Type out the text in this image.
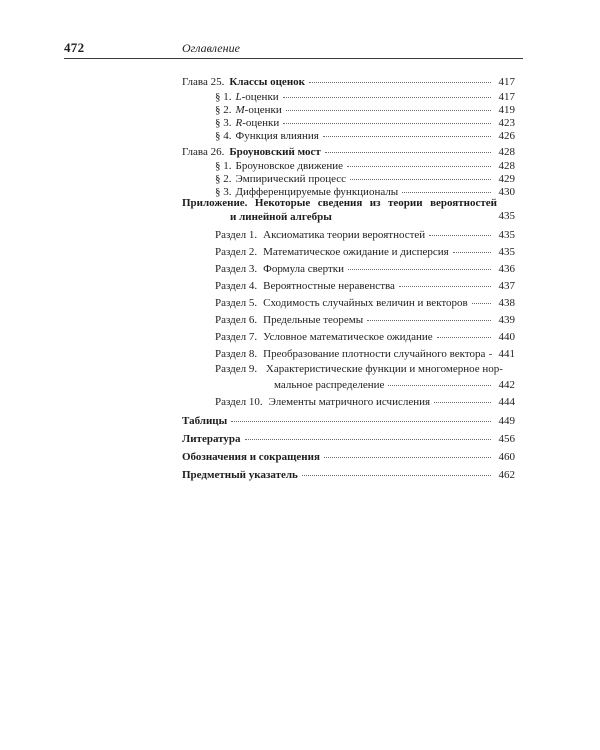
472	Оглавление
Глава 25. Классы оценок	417
§ 1. L-оценки	417
§ 2. M-оценки	419
§ 3. R-оценки	423
§ 4. Функция влияния	426
Глава 26. Броуновский мост	428
§ 1. Броуновское движение	428
§ 2. Эмпирический процесс	429
§ 3. Дифференцируемые функционалы	430
Приложение. Некоторые сведения из теории вероятностей
и линейной алгебры	435
Раздел 1. Аксиоматика теории вероятностей	435
Раздел 2. Математическое ожидание и дисперсия	435
Раздел 3. Формула свертки	436
Раздел 4. Вероятностные неравенства	437
Раздел 5. Сходимость случайных величин и векторов	438
Раздел 6. Предельные теоремы	439
Раздел 7. Условное математическое ожидание	440
Раздел 8. Преобразование плотности случайного вектора	441
Раздел 9. Характеристические функции и многомерное нор-
мальное распределение	442
Раздел 10. Элементы матричного исчисления	444
Таблицы	449
Литература	456
Обозначения и сокращения	460
Предметный указатель	462
